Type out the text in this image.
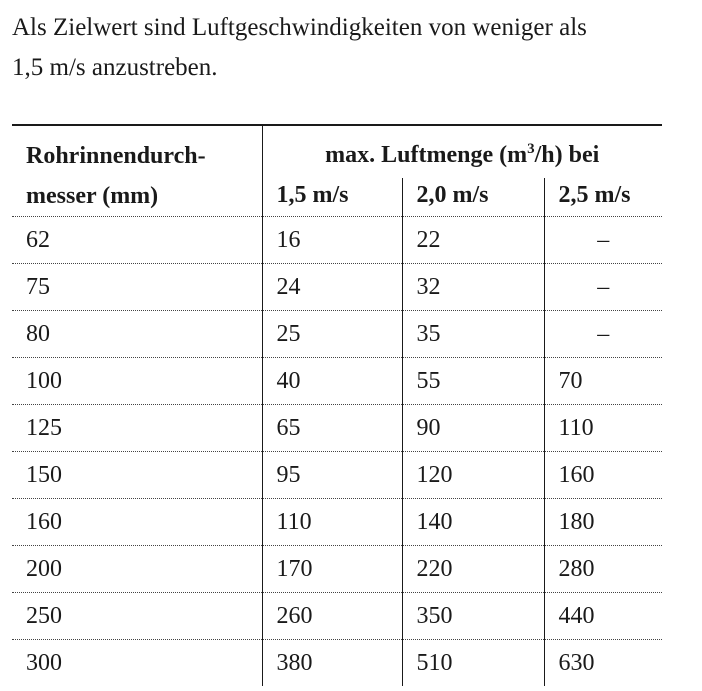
Als Zielwert sind Luftgeschwindigkeiten von weniger als
1,5 m/s anzustreben.

Rohrinnendurch-
messer (mm)	max. Luftmenge $(m^3/h)$ bei		
	1,5 m/s	2,0 m/s	2,5 m/s
62	16	22	–
75	24	32	–
80	25	35	–
100	40	55	70
125	65	90	110
150	95	120	160
160	110	140	180
200	170	220	280
250	260	350	440
300	380	510	630
